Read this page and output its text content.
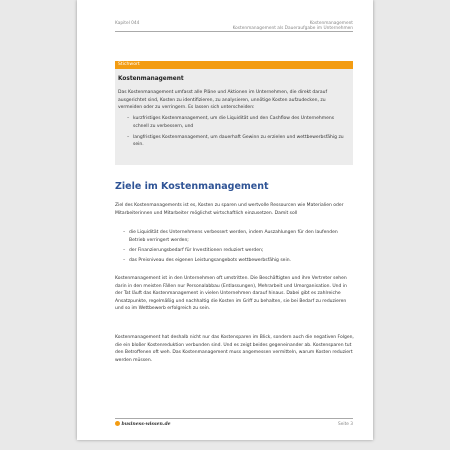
Kapitel 044	Kostenmanagement
Kostenmanagement als Daueraufgabe im Unternehmen
Stichwort
Kostenmanagement
Das Kostenmanagement umfasst alle Pläne und Aktionen im Unternehmen, die direkt darauf ausgerichtet sind, Kosten zu identifizieren, zu analysieren, unnötige Kosten aufzudecken, zu vermeiden oder zu verringern. Es lassen sich unterscheiden:
– kurzfristiges Kostenmanagement, um die Liquidität und den Cashflow des Unternehmens schnell zu verbessern, und
– langfristiges Kostenmanagement, um dauerhaft Gewinn zu erzielen und wettbewerbsfähig zu sein.
Ziele im Kostenmanagement

Ziel des Kostenmanagements ist es, Kosten zu sparen und wertvolle Ressourcen wie Materialien oder Mitarbeiterinnen und Mitarbeiter möglichst wirtschaftlich einzusetzen. Damit soll

– die Liquidität des Unternehmens verbessert werden, indem Auszahlungen für den laufenden Betrieb verringert werden;
– der Finanzierungsbedarf für Investitionen reduziert werden;
– das Preisniveau des eigenen Leistungsangebots wettbewerbsfähig sein.

Kostenmanagement ist in den Unternehmen oft umstritten. Die Beschäftigten und ihre Vertreter sehen darin in den meisten Fällen nur Personalabbau (Entlassungen), Mehrarbeit und Umorganisation. Und in der Tat läuft das Kostenmanagement in vielen Unternehmen darauf hinaus. Dabei gibt es zahlreiche Ansatzpunkte, regelmäßig und nachhaltig die Kosten im Griff zu behalten, sie bei Bedarf zu reduzieren und so im Wettbewerb erfolgreich zu sein.

Kostenmanagement hat deshalb nicht nur das Kostensparen im Blick, sondern auch die negativen Folgen, die ein bloßer Kostenreduktion verbunden sind. Und es zeigt beides gegeneinander ab. Kostensparen tut den Betroffenen oft weh. Das Kostenmanagement muss angemessen vermitteln, warum Kosten reduziert werden müssen.

business-wissen.de	Seite 3
